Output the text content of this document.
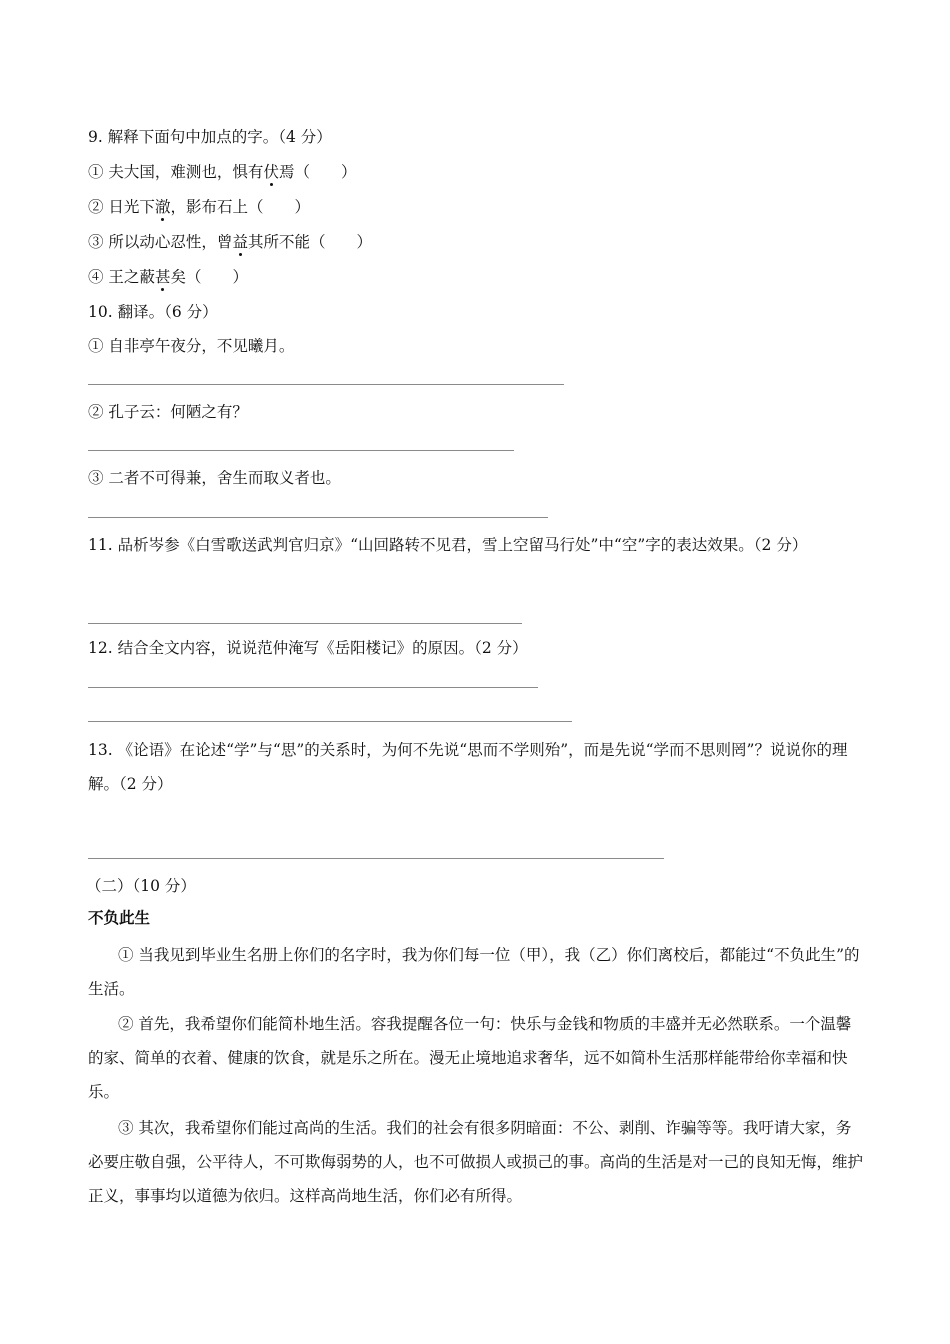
9. 解释下面句中加点的字。（4 分）
① 夫大国，难测也，惧有伏焉（　　）
② 日光下澈，影布石上（　　）
③ 所以动心忍性，曾益其所不能（　　）
④ 王之蔽甚矣（　　）
10. 翻译。（6 分）
① 自非亭午夜分，不见曦月。
② 孔子云：何陋之有？
③ 二者不可得兼，舍生而取义者也。
11. 品析岑参《白雪歌送武判官归京》“山回路转不见君，雪上空留马行处”中“空”字的表达效果。（2 分）
12. 结合全文内容，说说范仲淹写《岳阳楼记》的原因。（2 分）
13. 《论语》在论述“学”与“思”的关系时，为何不先说“思而不学则殆”，而是先说“学而不思则罔”？说说你的理解。（2 分）
（二）（10 分）
不负此生
① 当我见到毕业生名册上你们的名字时，我为你们每一位（甲），我（乙）你们离校后，都能过“不负此生”的生活。
② 首先，我希望你们能简朴地生活。容我提醒各位一句：快乐与金钱和物质的丰盛并无必然联系。一个温馨的家、简单的衣着、健康的饮食，就是乐之所在。漫无止境地追求奢华，远不如简朴生活那样能带给你幸福和快乐。
③ 其次，我希望你们能过高尚的生活。我们的社会有很多阴暗面：不公、剥削、诈骗等等。我吁请大家，务必要庄敬自强，公平待人，不可欺侮弱势的人，也不可做损人或损己的事。高尚的生活是对一己的良知无悔，维护正义，事事均以道德为依归。这样高尚地生活，你们必有所得。
